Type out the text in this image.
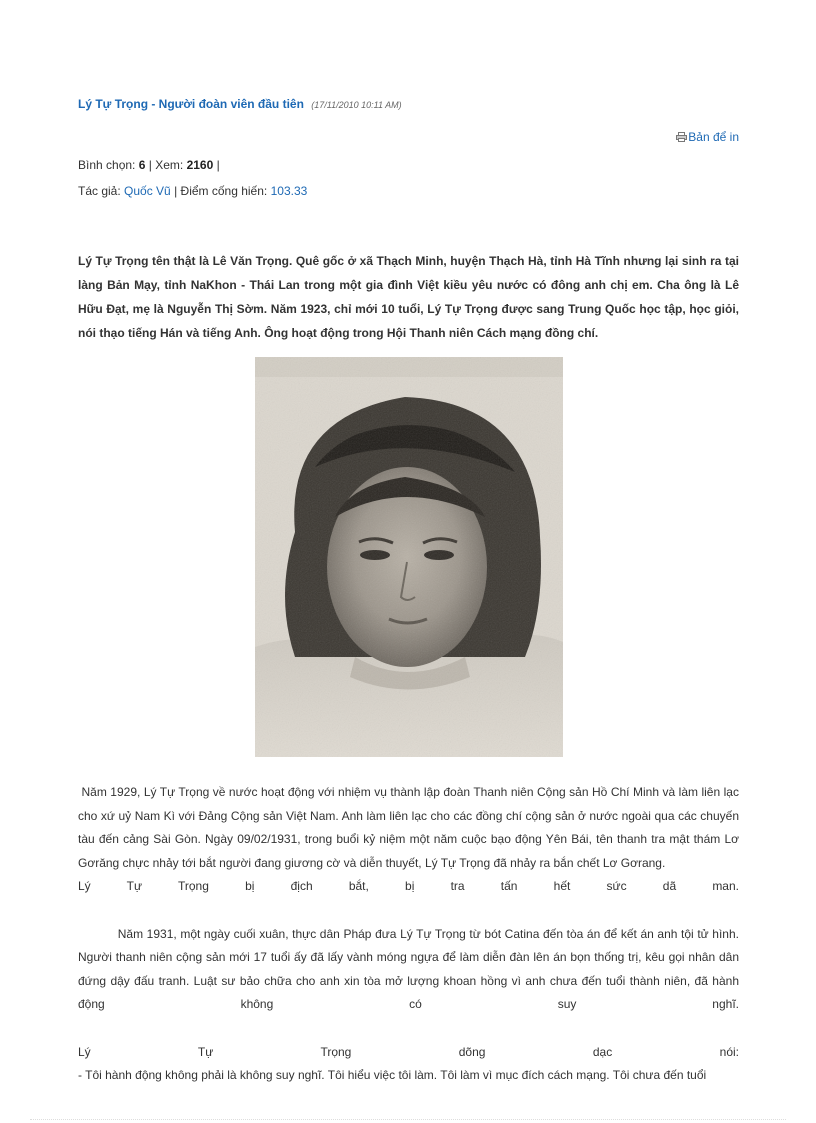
Lý Tự Trọng - Người đoàn viên đầu tiên (17/11/2010 10:11 AM)
Bản để in
Bình chọn: 6 | Xem: 2160 |
Tác giả: Quốc Vũ | Điểm cống hiến: 103.33

Lý Tự Trọng tên thật là Lê Văn Trọng. Quê gốc ở xã Thạch Minh, huyện Thạch Hà, tỉnh Hà Tĩnh nhưng lại sinh ra tại làng Bản Mạy, tỉnh NaKhon - Thái Lan trong một gia đình Việt kiều yêu nước có đông anh chị em. Cha ông là Lê Hữu Đạt, mẹ là Nguyễn Thị Sờm. Năm 1923, chỉ mới 10 tuổi, Lý Tự Trọng được sang Trung Quốc học tập, học giỏi, nói thạo tiếng Hán và tiếng Anh. Ông hoạt động trong Hội Thanh niên Cách mạng đồng chí.

Năm 1929, Lý Tự Trọng về nước hoạt động với nhiệm vụ thành lập đoàn Thanh niên Cộng sản Hồ Chí Minh và làm liên lạc cho xứ uỷ Nam Kì với Đảng Cộng sản Việt Nam. Anh làm liên lạc cho các đồng chí cộng sản ở nước ngoài qua các chuyến tàu đến cảng Sài Gòn. Ngày 09/02/1931, trong buổi kỷ niệm một năm cuộc bạo động Yên Bái, tên thanh tra mật thám Lơ Gơrăng chực nhảy tới bắt người đang giương cờ và diễn thuyết, Lý Tự Trọng đã nhảy ra bắn chết Lơ Gơrang.
Lý Tự Trọng bị địch bắt, bị tra tấn hết sức dã man.

Năm 1931, một ngày cuối xuân, thực dân Pháp đưa Lý Tự Trọng từ bót Catina đến tòa án để kết án anh tội tử hình. Người thanh niên cộng sản mới 17 tuổi ấy đã lấy vành móng ngựa để làm diễn đàn lên án bọn thống trị, kêu gọi nhân dân đứng dậy đấu tranh. Luật sư bảo chữa cho anh xin tòa mở lượng khoan hồng vì anh chưa đến tuổi thành niên, đã hành động không có suy nghĩ.

Lý Tự Trọng dõng dạc nói:
- Tôi hành động không phải là không suy nghĩ. Tôi hiểu việc tôi làm. Tôi làm vì mục đích cách mạng. Tôi chưa đến tuổi
